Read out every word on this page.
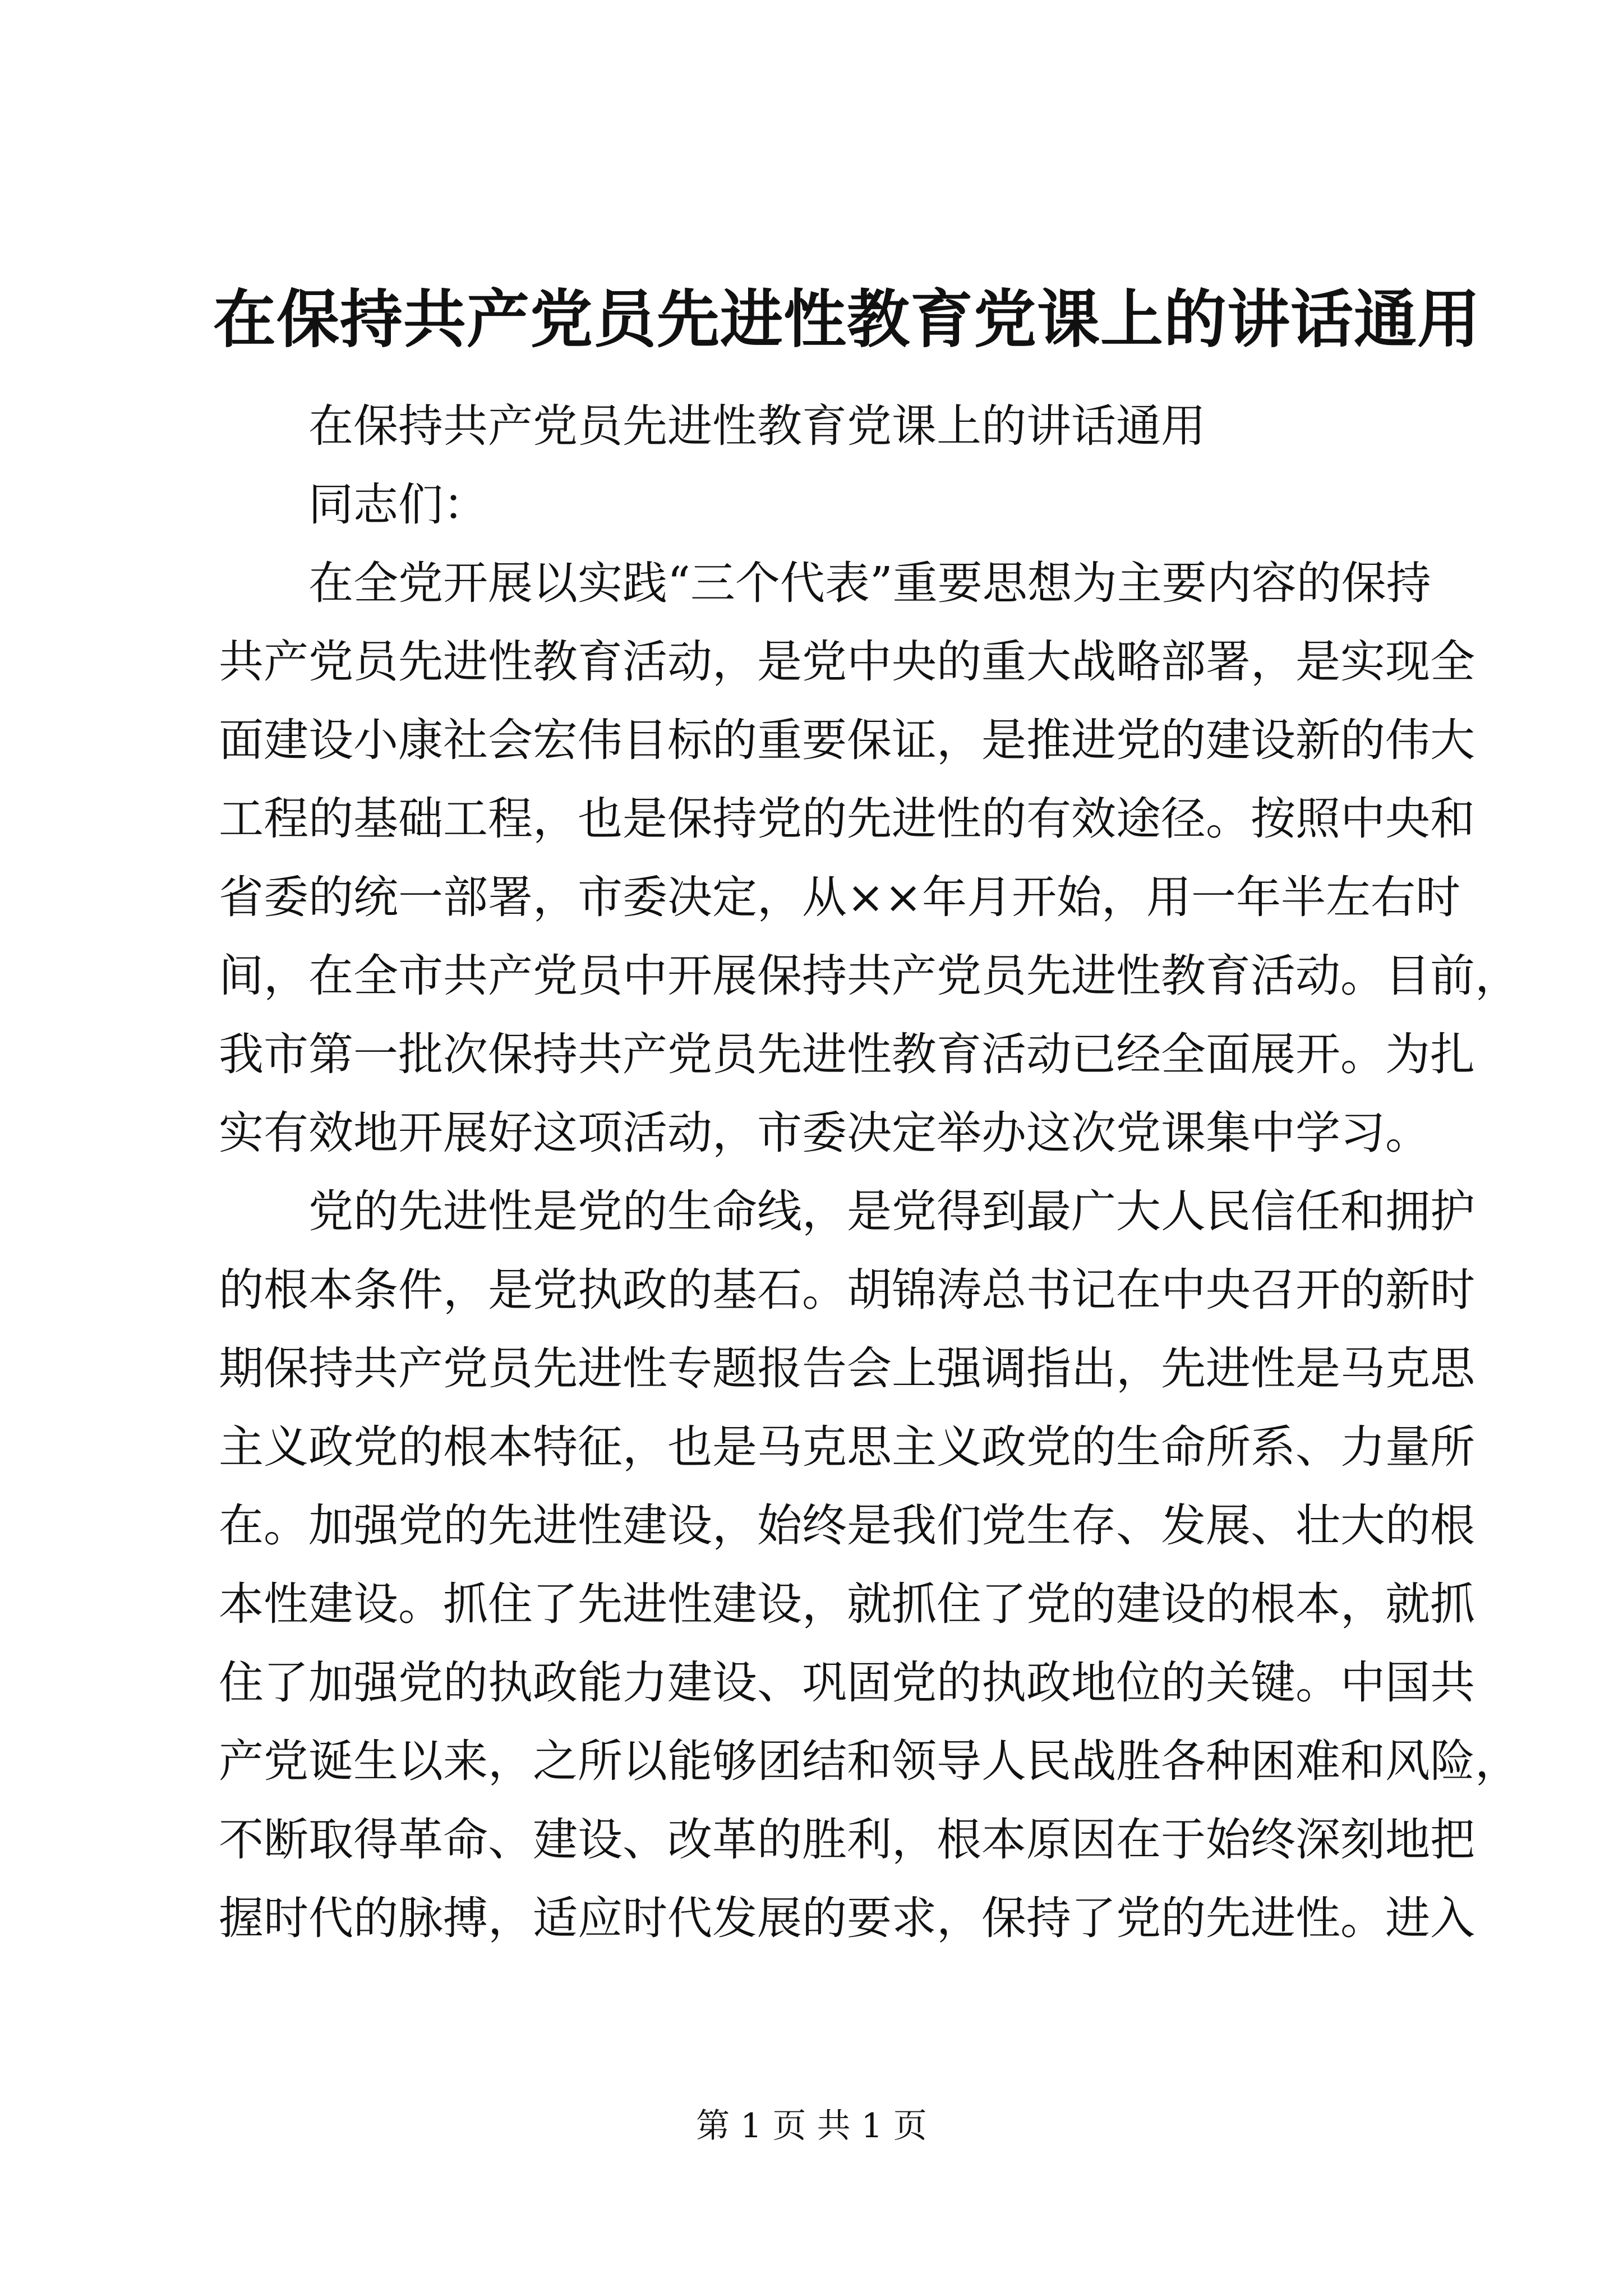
在保持共产党员先进性教育党课上的讲话通用

在保持共产党员先进性教育党课上的讲话通用

同志们：

在全党开展以实践“三个代表”重要思想为主要内容的保持

共产党员先进性教育活动，是党中央的重大战略部署，是实现全

面建设小康社会宏伟目标的重要保证，是推进党的建设新的伟大

工程的基础工程，也是保持党的先进性的有效途径。按照中央和

省委的统一部署，市委决定，从××年月开始，用一年半左右时

间，在全市共产党员中开展保持共产党员先进性教育活动。目前，

我市第一批次保持共产党员先进性教育活动已经全面展开。为扎

实有效地开展好这项活动，市委决定举办这次党课集中学习。

党的先进性是党的生命线，是党得到最广大人民信任和拥护

的根本条件，是党执政的基石。胡锦涛总书记在中央召开的新时

期保持共产党员先进性专题报告会上强调指出，先进性是马克思

主义政党的根本特征，也是马克思主义政党的生命所系、力量所

在。加强党的先进性建设，始终是我们党生存、发展、壮大的根

本性建设。抓住了先进性建设，就抓住了党的建设的根本，就抓

住了加强党的执政能力建设、巩固党的执政地位的关键。中国共

产党诞生以来，之所以能够团结和领导人民战胜各种困难和风险，

不断取得革命、建设、改革的胜利，根本原因在于始终深刻地把

握时代的脉搏，适应时代发展的要求，保持了党的先进性。进入

第 1 页 共 1 页
